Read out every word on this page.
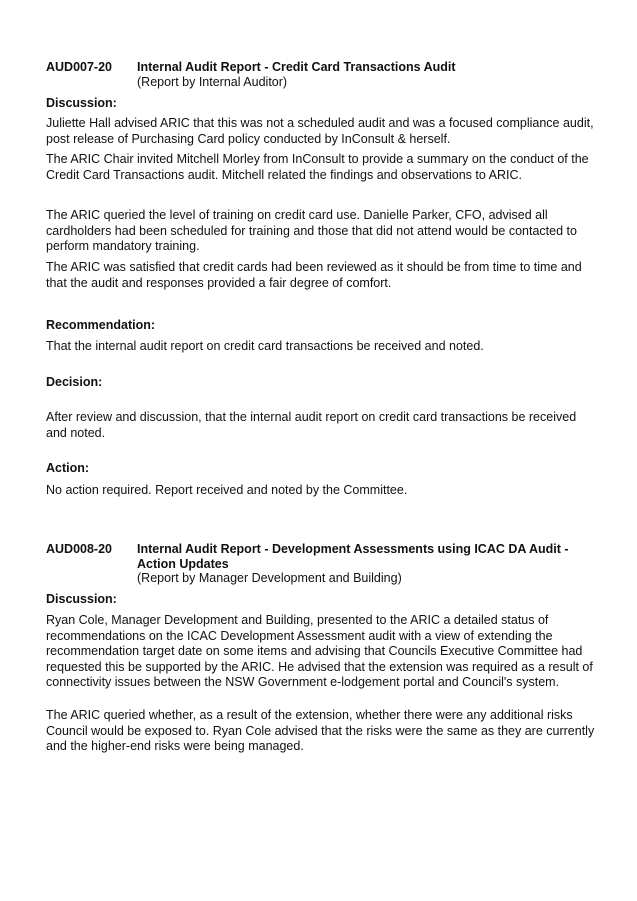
AUD007-20 Internal Audit Report - Credit Card Transactions Audit
(Report by Internal Auditor)
Discussion:
Juliette Hall advised ARIC that this was not a scheduled audit and was a focused compliance audit, post release of Purchasing Card policy conducted by InConsult & herself.
The ARIC Chair invited Mitchell Morley from InConsult to provide a summary on the conduct of the Credit Card Transactions audit. Mitchell related the findings and observations to ARIC.
The ARIC queried the level of training on credit card use. Danielle Parker, CFO, advised all cardholders had been scheduled for training and those that did not attend would be contacted to perform mandatory training.
The ARIC was satisfied that credit cards had been reviewed as it should be from time to time and that the audit and responses provided a fair degree of comfort.
Recommendation:
That the internal audit report on credit card transactions be received and noted.
Decision:
After review and discussion, that the internal audit report on credit card transactions be received and noted.
Action:
No action required. Report received and noted by the Committee.
AUD008-20 Internal Audit Report - Development Assessments using ICAC DA Audit - Action Updates
(Report by Manager Development and Building)
Discussion:
Ryan Cole, Manager Development and Building, presented to the ARIC a detailed status of recommendations on the ICAC Development Assessment audit with a view of extending the recommendation target date on some items and advising that Councils Executive Committee had requested this be supported by the ARIC. He advised that the extension was required as a result of connectivity issues between the NSW Government e-lodgement portal and Council's system.
The ARIC queried whether, as a result of the extension, whether there were any additional risks Council would be exposed to. Ryan Cole advised that the risks were the same as they are currently and the higher-end risks were being managed.
